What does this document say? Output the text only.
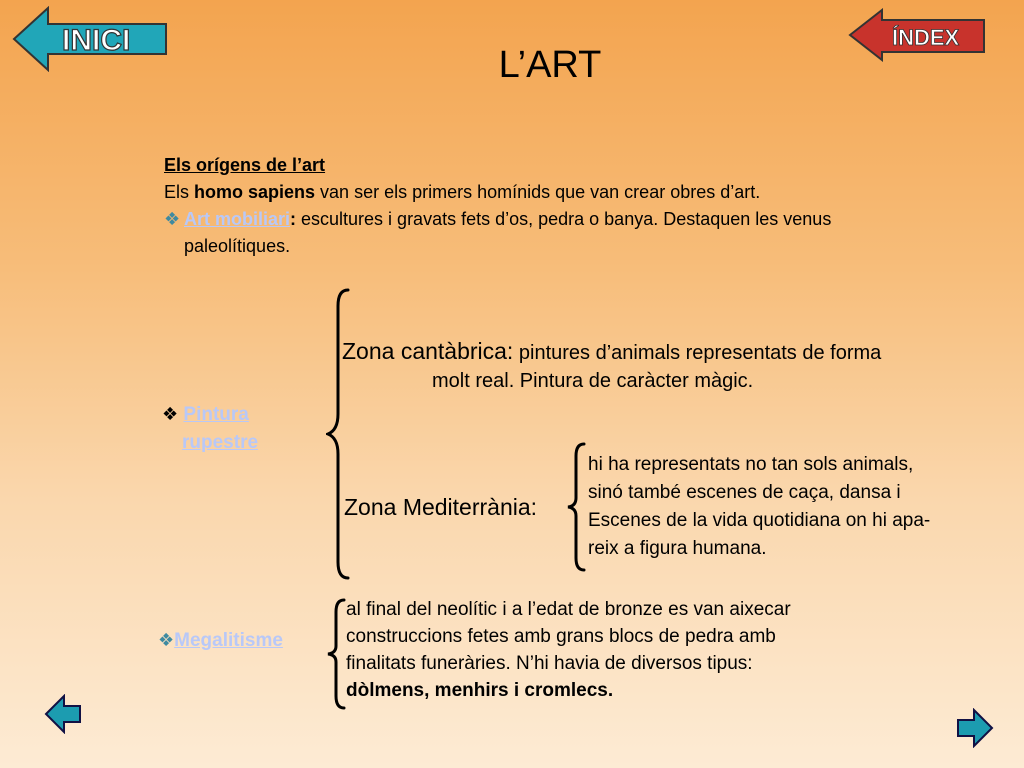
INICI	ÍNDEX
L’ART
Els orígens de l’art
Els homo sapiens van ser els primers homínids que van crear obres d’art.
❖ Art mobiliari: escultures i gravats fets d’os, pedra o banya. Destaquen les venus paleolítiques.
❖ Pintura
rupestre
Zona cantàbrica: pintures d’animals representats de forma
molt real. Pintura de caràcter màgic.
Zona Mediterrània:
hi ha representats no tan sols animals,
sinó també escenes de caça, dansa i
Escenes de la vida quotidiana on hi apa-
reix a figura humana.
❖Megalitisme
al final del neolític i a l’edat de bronze es van aixecar
construccions fetes amb grans blocs de pedra amb
finalitats funeràries. N’hi havia de diversos tipus:
dòlmens, menhirs i cromlecs.
